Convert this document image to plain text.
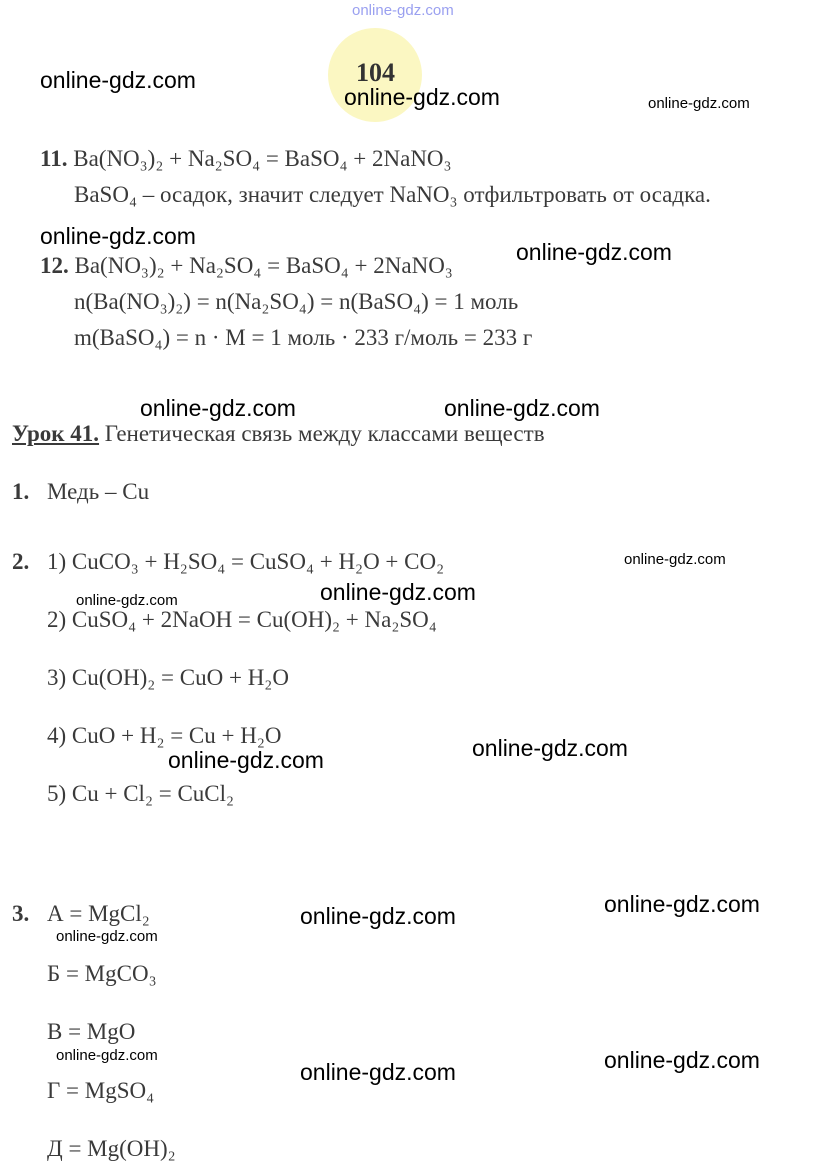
104
11. Ba(NO₃)₂ + Na₂SO₄ = BaSO₄ + 2NaNO₃
BaSO₄ – осадок, значит следует NaNO₃ отфильтровать от осадка.
12. Ba(NO₃)₂ + Na₂SO₄ = BaSO₄ + 2NaNO₃
n(Ba(NO₃)₂) = n(Na₂SO₄) = n(BaSO₄) = 1 моль
m(BaSO₄) = n · M = 1 моль · 233 г/моль = 233 г
Урок 41. Генетическая связь между классами веществ
1. Медь – Cu
2. 1) CuCO₃ + H₂SO₄ = CuSO₄ + H₂O + CO₂
2) CuSO₄ + 2NaOH = Cu(OH)₂ + Na₂SO₄
3) Cu(OH)₂ = CuO + H₂O
4) CuO + H₂ = Cu + H₂O
5) Cu + Cl₂ = CuCl₂
3. А = MgCl₂
Б = MgCO₃
В = MgO
Г = MgSO₄
Д = Mg(OH)₂
online-gdz.com
online-gdz.com
online-gdz.com	online-gdz.com
online-gdz.com
online-gdz.com
online-gdz.com	online-gdz.com
online-gdz.com
online-gdz.com
online-gdz.com
online-gdz.com
online-gdz.com
online-gdz.com
online-gdz.com
online-gdz.com
online-gdz.com	online-gdz.com
online-gdz.com
